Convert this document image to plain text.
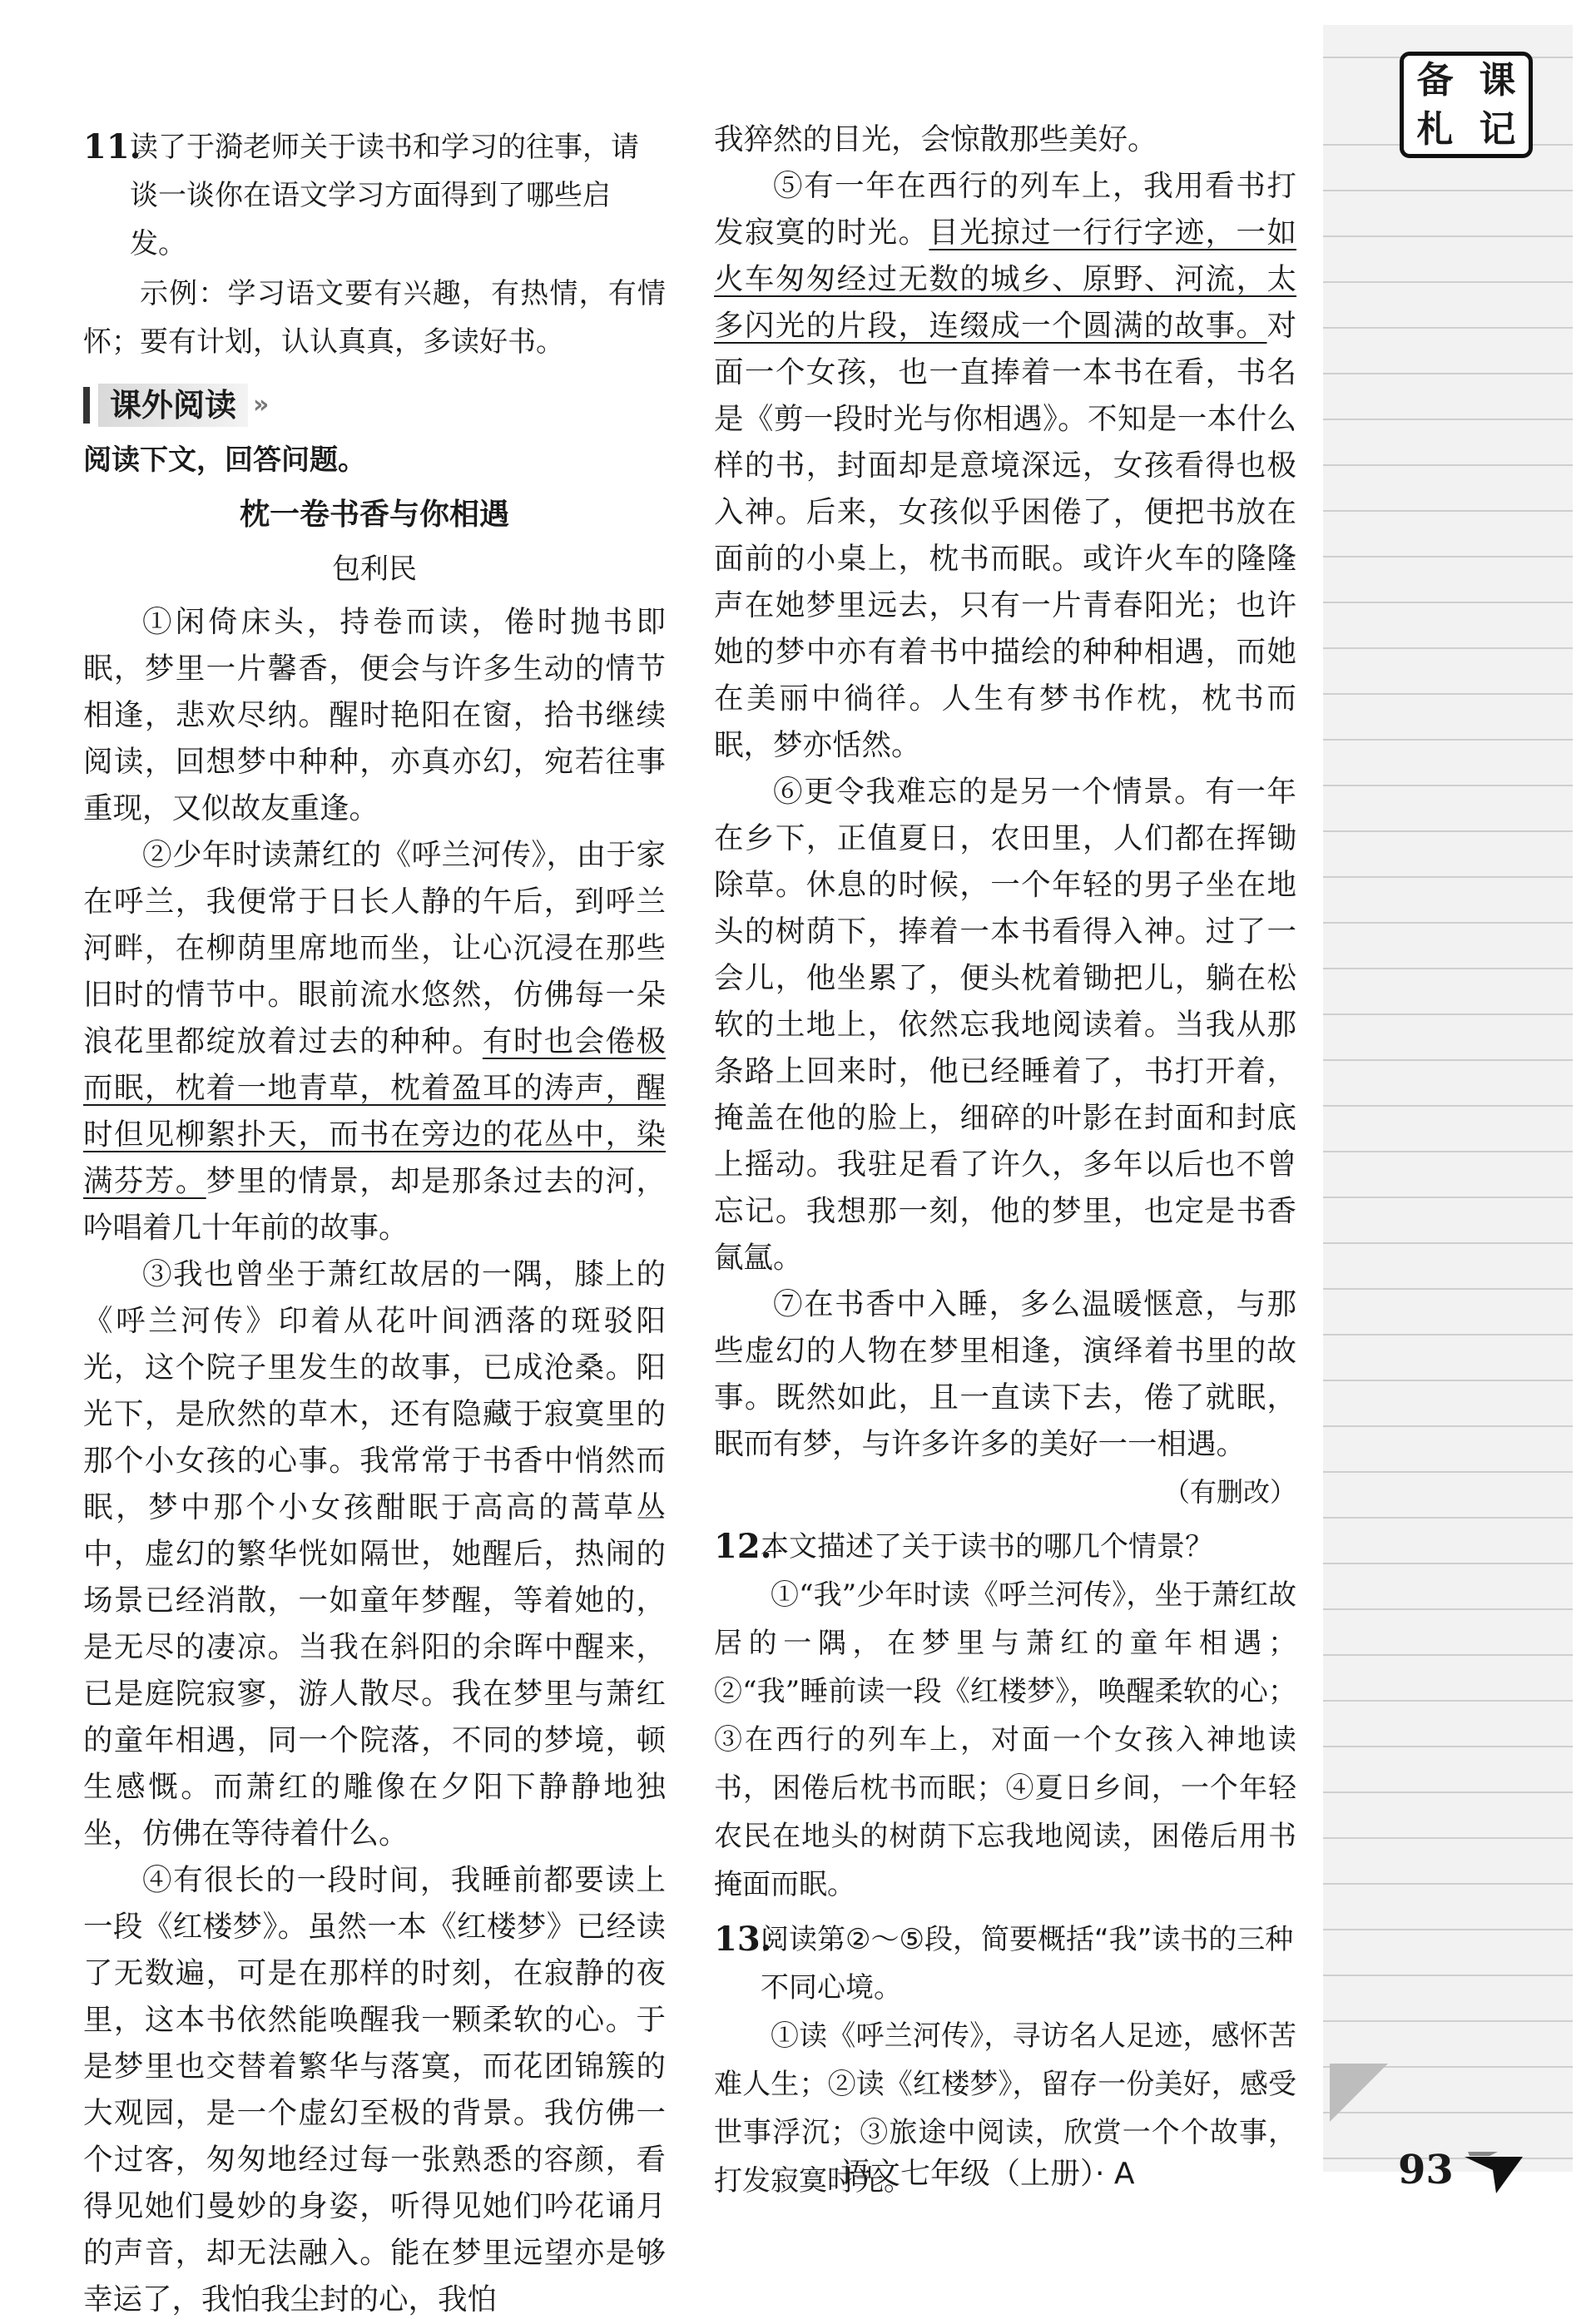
备 课
札 记
11.
读了于漪老师关于读书和学习的往事，请谈一谈你在语文学习方面得到了哪些启发。

示例：学习语文要有兴趣，有热情，有情怀；要有计划，认认真真，多读好书。

课外阅读 »

阅读下文，回答问题。

枕一卷书香与你相遇

包利民

①闲倚床头，持卷而读，倦时抛书即眠，梦里一片馨香，便会与许多生动的情节相逢，悲欢尽纳。醒时艳阳在窗，拾书继续阅读，回想梦中种种，亦真亦幻，宛若往事重现，又似故友重逢。

②少年时读萧红的《呼兰河传》，由于家在呼兰，我便常于日长人静的午后，到呼兰河畔，在柳荫里席地而坐，让心沉浸在那些旧时的情节中。眼前流水悠然，仿佛每一朵浪花里都绽放着过去的种种。有时也会倦极而眠，枕着一地青草，枕着盈耳的涛声，醒时但见柳絮扑天，而书在旁边的花丛中，染满芬芳。梦里的情景，却是那条过去的河，吟唱着几十年前的故事。

③我也曾坐于萧红故居的一隅，膝上的《呼兰河传》印着从花叶间洒落的斑驳阳光，这个院子里发生的故事，已成沧桑。阳光下，是欣然的草木，还有隐藏于寂寞里的那个小女孩的心事。我常常于书香中悄然而眠，梦中那个小女孩酣眠于高高的蒿草丛中，虚幻的繁华恍如隔世，她醒后，热闹的场景已经消散，一如童年梦醒，等着她的，是无尽的凄凉。当我在斜阳的余晖中醒来，已是庭院寂寥，游人散尽。我在梦里与萧红的童年相遇，同一个院落，不同的梦境，顿生感慨。而萧红的雕像在夕阳下静静地独坐，仿佛在等待着什么。

④有很长的一段时间，我睡前都要读上一段《红楼梦》。虽然一本《红楼梦》已经读了无数遍，可是在那样的时刻，在寂静的夜里，这本书依然能唤醒我一颗柔软的心。于是梦里也交替着繁华与落寞，而花团锦簇的大观园，是一个虚幻至极的背景。我仿佛一个过客，匆匆地经过每一张熟悉的容颜，看得见她们曼妙的身姿，听得见她们吟花诵月的声音，却无法融入。能在梦里远望亦是够幸运了，我怕我尘封的心，我怕

我猝然的目光，会惊散那些美好。

⑤有一年在西行的列车上，我用看书打发寂寞的时光。目光掠过一行行字迹，一如火车匆匆经过无数的城乡、原野、河流，太多闪光的片段，连缀成一个圆满的故事。对面一个女孩，也一直捧着一本书在看，书名是《剪一段时光与你相遇》。不知是一本什么样的书，封面却是意境深远，女孩看得也极入神。后来，女孩似乎困倦了，便把书放在面前的小桌上，枕书而眠。或许火车的隆隆声在她梦里远去，只有一片青春阳光；也许她的梦中亦有着书中描绘的种种相遇，而她在美丽中徜徉。人生有梦书作枕，枕书而眠，梦亦恬然。

⑥更令我难忘的是另一个情景。有一年在乡下，正值夏日，农田里，人们都在挥锄除草。休息的时候，一个年轻的男子坐在地头的树荫下，捧着一本书看得入神。过了一会儿，他坐累了，便头枕着锄把儿，躺在松软的土地上，依然忘我地阅读着。当我从那条路上回来时，他已经睡着了，书打开着，掩盖在他的脸上，细碎的叶影在封面和封底上摇动。我驻足看了许久，多年以后也不曾忘记。我想那一刻，他的梦里，也定是书香氤氲。

⑦在书香中入睡，多么温暖惬意，与那些虚幻的人物在梦里相逢，演绎着书里的故事。既然如此，且一直读下去，倦了就眠，眠而有梦，与许多许多的美好一一相遇。

（有删改）

12.
本文描述了关于读书的哪几个情景？

①“我”少年时读《呼兰河传》，坐于萧红故居的一隅，在梦里与萧红的童年相遇；②“我”睡前读一段《红楼梦》，唤醒柔软的心；③在西行的列车上，对面一个女孩入神地读书，困倦后枕书而眠；④夏日乡间，一个年轻农民在地头的树荫下忘我地阅读，困倦后用书掩面而眠。

13.
阅读第②～⑤段，简要概括“我”读书的三种不同心境。

①读《呼兰河传》，寻访名人足迹，感怀苦难人生；②读《红楼梦》，留存一份美好，感受世事浮沉；③旅途中阅读，欣赏一个个故事，打发寂寞时光。

语文七年级（上册）· A	93
